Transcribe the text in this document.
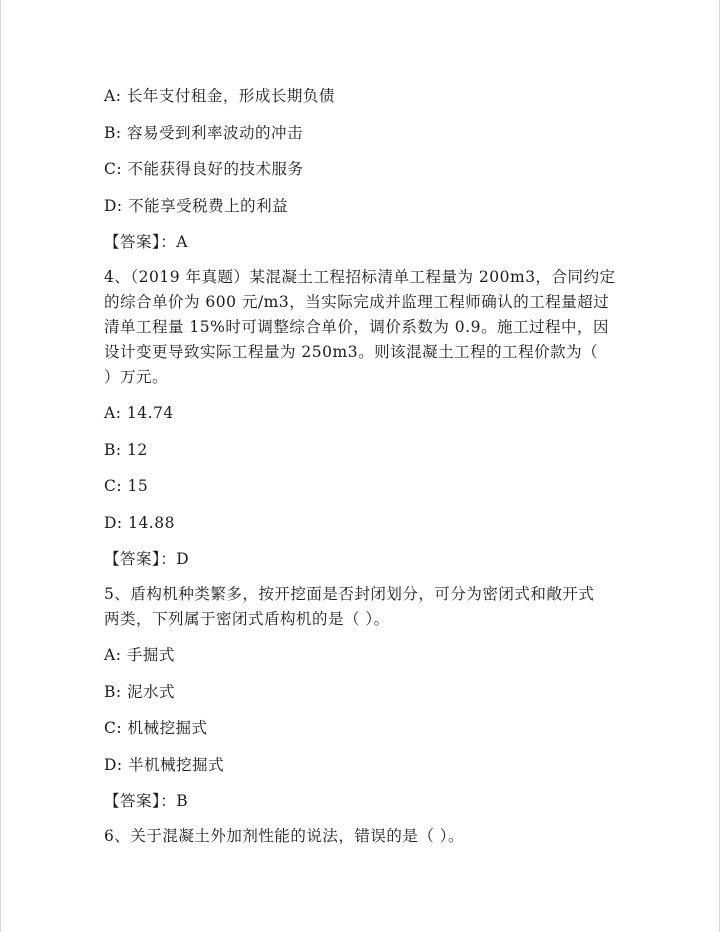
A: 长年支付租金，形成长期负债

B: 容易受到利率波动的冲击

C: 不能获得良好的技术服务

D: 不能享受税费上的利益

【答案】：A

4、（2019 年真题）某混凝土工程招标清单工程量为 200m3，合同约定

的综合单价为 600 元/m3，当实际完成并监理工程师确认的工程量超过

清单工程量 15%时可调整综合单价，调价系数为 0.9。施工过程中，因

设计变更导致实际工程量为 250m3。则该混凝土工程的工程价款为（

）万元。

A: 14.74

B: 12

C: 15

D: 14.88

【答案】：D

5、盾构机种类繁多，按开挖面是否封闭划分，可分为密闭式和敞开式

两类，下列属于密闭式盾构机的是（ ）。

A: 手掘式

B: 泥水式

C: 机械挖掘式

D: 半机械挖掘式

【答案】：B

6、关于混凝土外加剂性能的说法，错误的是（ ）。
